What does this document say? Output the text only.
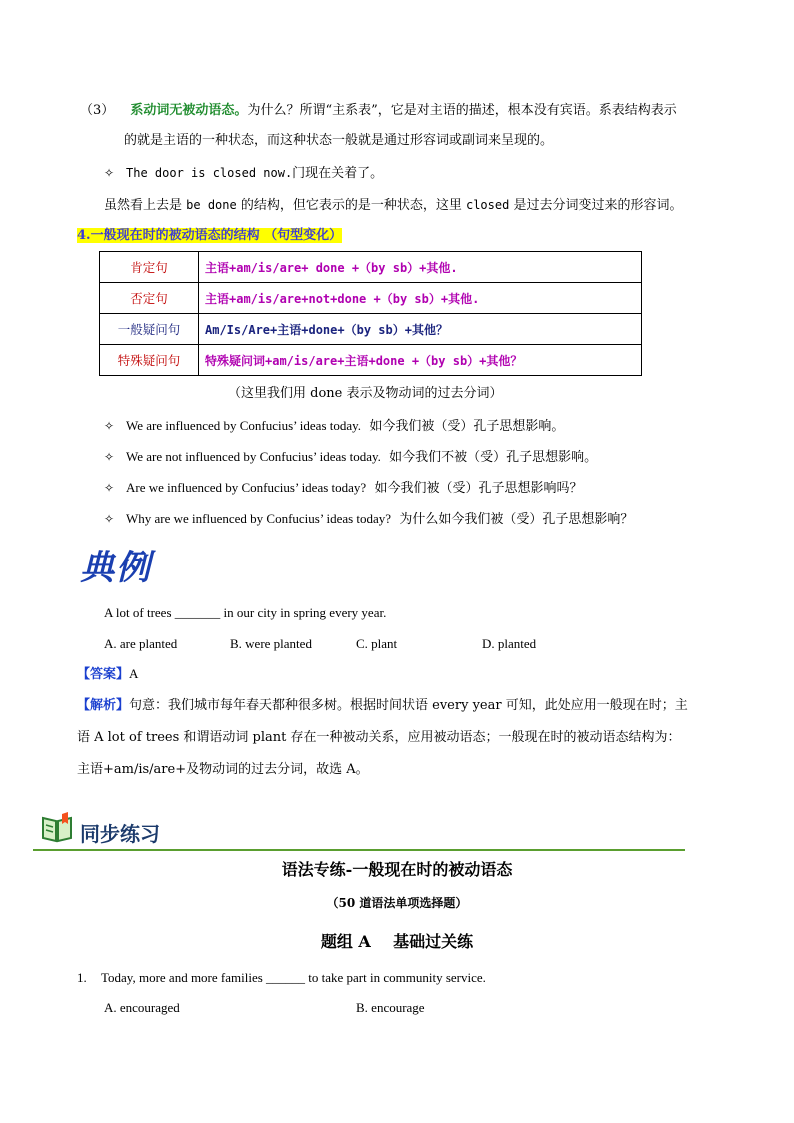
（3） 系动词无被动语态。为什么？所谓“主系表”，它是对主语的描述，根本没有宾语。系表结构表示
的就是主语的一种状态，而这种状态一般就是通过形容词或副词来呈现的。
✧ The door is closed now.门现在关着了。
虽然看上去是 be done 的结构，但它表示的是一种状态，这里 closed 是过去分词变过来的形容词。
4.一般现在时的被动语态的结构 （句型变化）
肯定句	主语+am/is/are+ done +（by sb）+其他.
否定句	主语+am/is/are+not+done +（by sb）+其他.
一般疑问句	Am/Is/Are+主语+done+（by sb）+其他？
特殊疑问句	特殊疑问词+am/is/are+主语+done +（by sb）+其他？
（这里我们用 done 表示及物动词的过去分词）
✧ We are influenced by Confucius’ ideas today. 如今我们被（受）孔子思想影响。
✧ We are not influenced by Confucius’ ideas today. 如今我们不被（受）孔子思想影响。
✧ Are we influenced by Confucius’ ideas today? 如今我们被（受）孔子思想影响吗？
✧ Why are we influenced by Confucius’ ideas today? 为什么如今我们被（受）孔子思想影响？
典例
A lot of trees _______ in our city in spring every year.
A. are planted	B. were planted	C. plant	D. planted
【答案】A
【解析】句意：我们城市每年春天都种很多树。根据时间状语 every year 可知，此处应用一般现在时；主
语 A lot of trees 和谓语动词 plant 存在一种被动关系，应用被动语态；一般现在时的被动语态结构为：
主语+am/is/are+及物动词的过去分词，故选 A。
同步练习
语法专练-一般现在时的被动语态
（50 道语法单项选择题）
题组 A    基础过关练
1. Today, more and more families ______ to take part in community service.
A. encouraged	B. encourage
